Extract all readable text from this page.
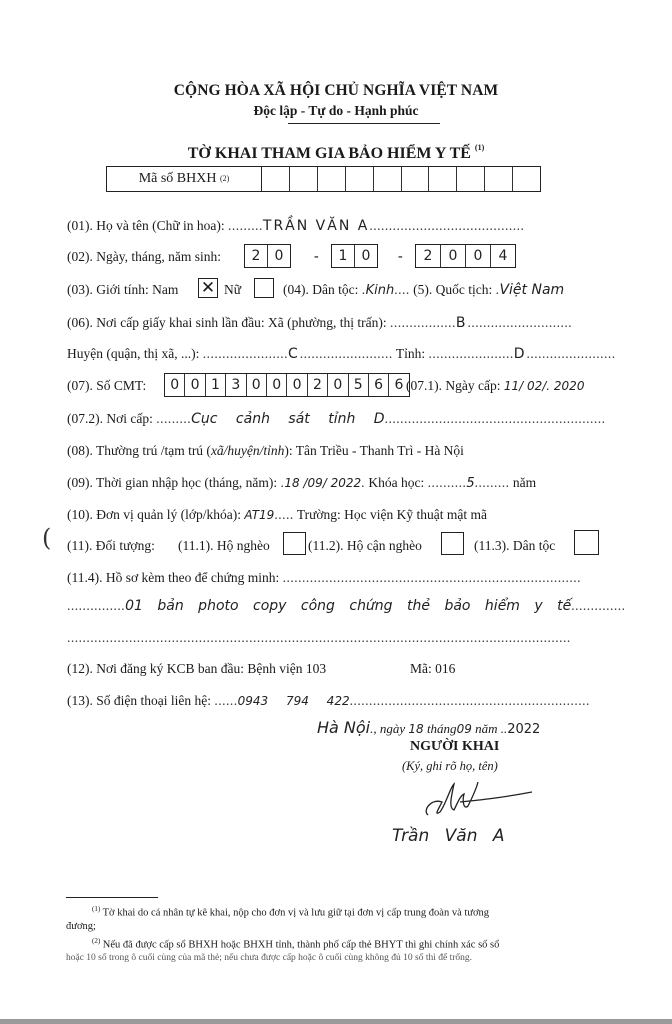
CỘNG HÒA XÃ HỘI CHỦ NGHĨA VIỆT NAM
Độc lập - Tự do - Hạnh phúc
TỜ KHAI THAM GIA BẢO HIỂM Y TẾ $^{(1)}$
Mã số BHXH $^{(2)}$
(01). Họ và tên (Chữ in hoa): .........TRẦN VĂN A........................................
(02). Ngày, tháng, năm sinh:	2	0	-	1	0	-	2	0	0	4
(03). Giới tính: Nam ✕ Nữ	(04). Dân tộc: .Kinh.... (5). Quốc tịch: .Việt Nam
(06). Nơi cấp giấy khai sinh lần đầu: Xã (phường, thị trấn): .................B...........................
Huyện (quận, thị xã, ...): ......................C........................ Tỉnh: ......................D.......................
(07). Số CMT:	0 0 1 3 0 0 0 2 0 5 6 6 (07.1). Ngày cấp: 11/ 02/. 2020
(07.2). Nơi cấp: .........Cục cảnh sát tỉnh D.........................................................
(08). Thường trú /tạm trú (xã/huyện/tỉnh): Tân Triều - Thanh Trì - Hà Nội
(09). Thời gian nhập học (tháng, năm): .18 /09/ 2022. Khóa học: ..........5......... năm
(10). Đơn vị quản lý (lớp/khóa): AT19..... Trường: Học viện Kỹ thuật mật mã
( (11). Đối tượng: (11.1). Hộ nghèo	(11.2). Hộ cận nghèo	(11.3). Dân tộc
(11.4). Hồ sơ kèm theo để chứng minh: .............................................................................
...............01 bản photo copy công chứng thẻ bảo hiểm y tế..............
..................................................................................................................................
(12). Nơi đăng ký KCB ban đầu: Bệnh viện 103	Mã: 016
(13). Số điện thoại liên hệ: ......0943 794 422..............................................................
Hà Nội., ngày 18 tháng09 năm ..2022
NGƯỜI KHAI
(Ký, ghi rõ họ, tên)
Trần Văn A
$^{(1)}$ Tờ khai do cá nhân tự kê khai, nộp cho đơn vị và lưu giữ tại đơn vị cấp trung đoàn và tương
đương;
$^{(2)}$ Nếu đã được cấp sổ BHXH hoặc BHXH tỉnh, thành phố cấp thẻ BHYT thì ghi chính xác số sổ
hoặc 10 số trong ô cuối cùng của mã thẻ; nếu chưa được cấp hoặc ô cuối cùng không đủ 10 số thì để trống.
